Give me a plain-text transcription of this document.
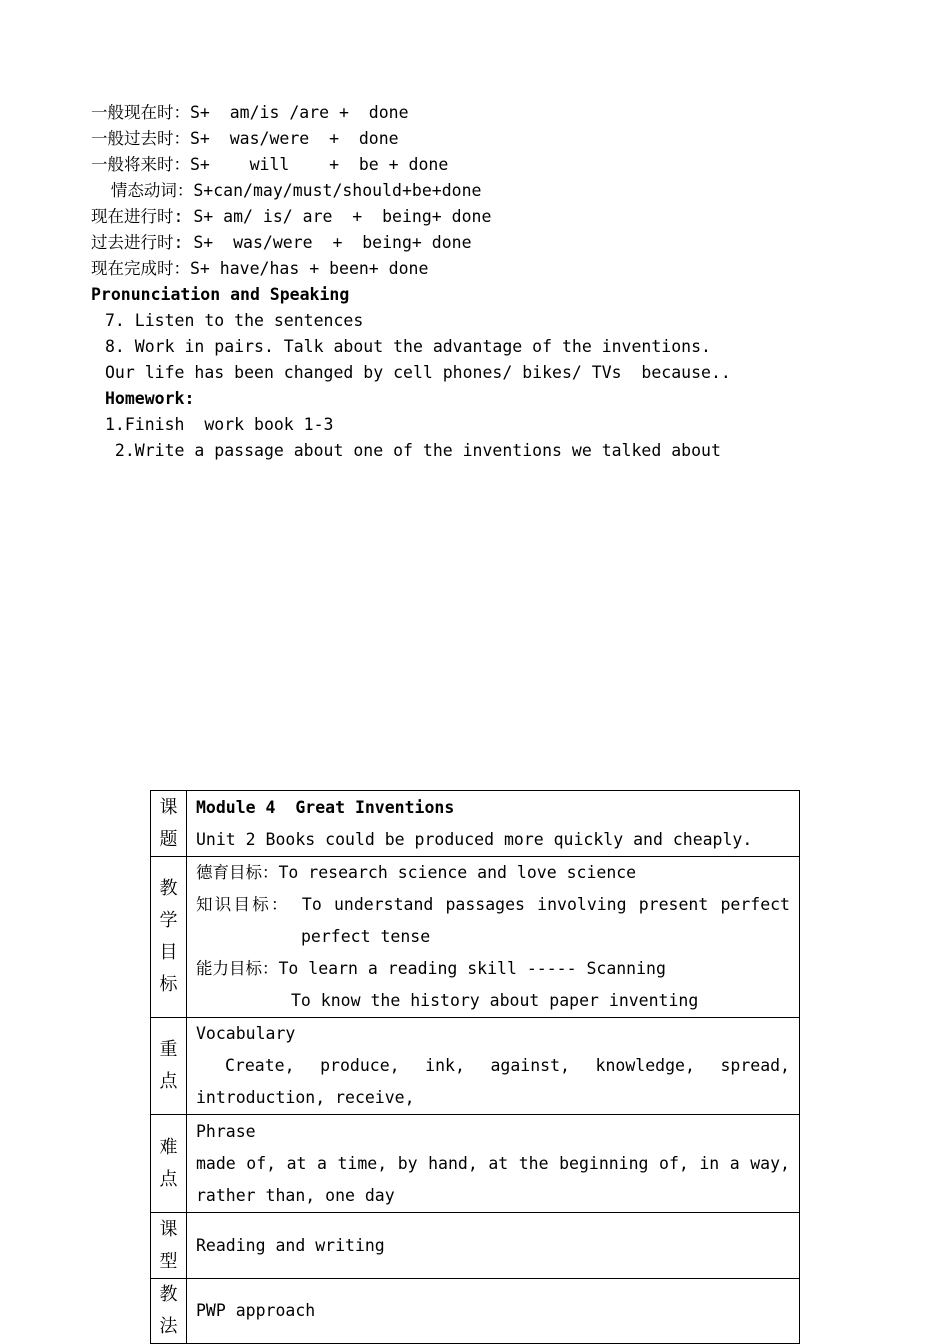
一般现在时：S+  am/is /are +  done
一般过去时：S+  was/were  +  done
一般将来时：S+    will    +  be + done
情态动词：S+can/may/must/should+be+done
现在进行时: S+ am/ is/ are  +  being+ done
过去进行时: S+  was/were  +  being+ done
现在完成时：S+ have/has + been+ done
Pronunciation and Speaking
7. Listen to the sentences
8. Work in pairs. Talk about the advantage of the inventions.
Our life has been changed by cell phones/ bikes/ TVs  because..
Homework:
1.Finish  work book 1-3
2.Write a passage about one of the inventions we talked about
课
题	Module 4  Great Inventions
Unit 2 Books could be produced more quickly and cheaply.

教
学
目
标	德育目标：To research science and love science
知识目标： To understand passages involving present perfect
perfect tense
能力目标：To learn a reading skill ----- Scanning
To know the history about paper inventing

重
点	Vocabulary
Create, produce, ink, against, knowledge, spread,
introduction, receive,

难
点	Phrase
made of, at a time, by hand, at the beginning of, in a way,
rather than, one day

课
型	Reading and writing

教
法	PWP approach
